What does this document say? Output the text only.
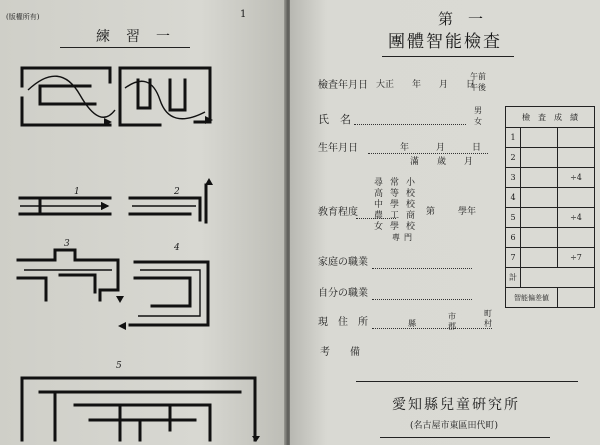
(版權所有)
練　習　一
1
1	2
3	4
5
第　一
團體智能檢査
檢査年月日 大正　　年　　月　　日
午前
午後
氏　名
男
女
生年月日	年　　　月　　　日
滿　　歲　　月
敎育程度
尋
高
中
農
女
常
等
學
工
學
小
校
校
商
校
專 門
第	學年
家庭の職業
自分の職業
現　住　所	縣
市
郡
町
村
考　　備
檢　査　成　績		
1		
2		
3		÷4
4		
5		÷4
6		
7		÷7
計		
智能偏差値		
愛知縣兒童硏究所
(名古屋市東區田代町)
